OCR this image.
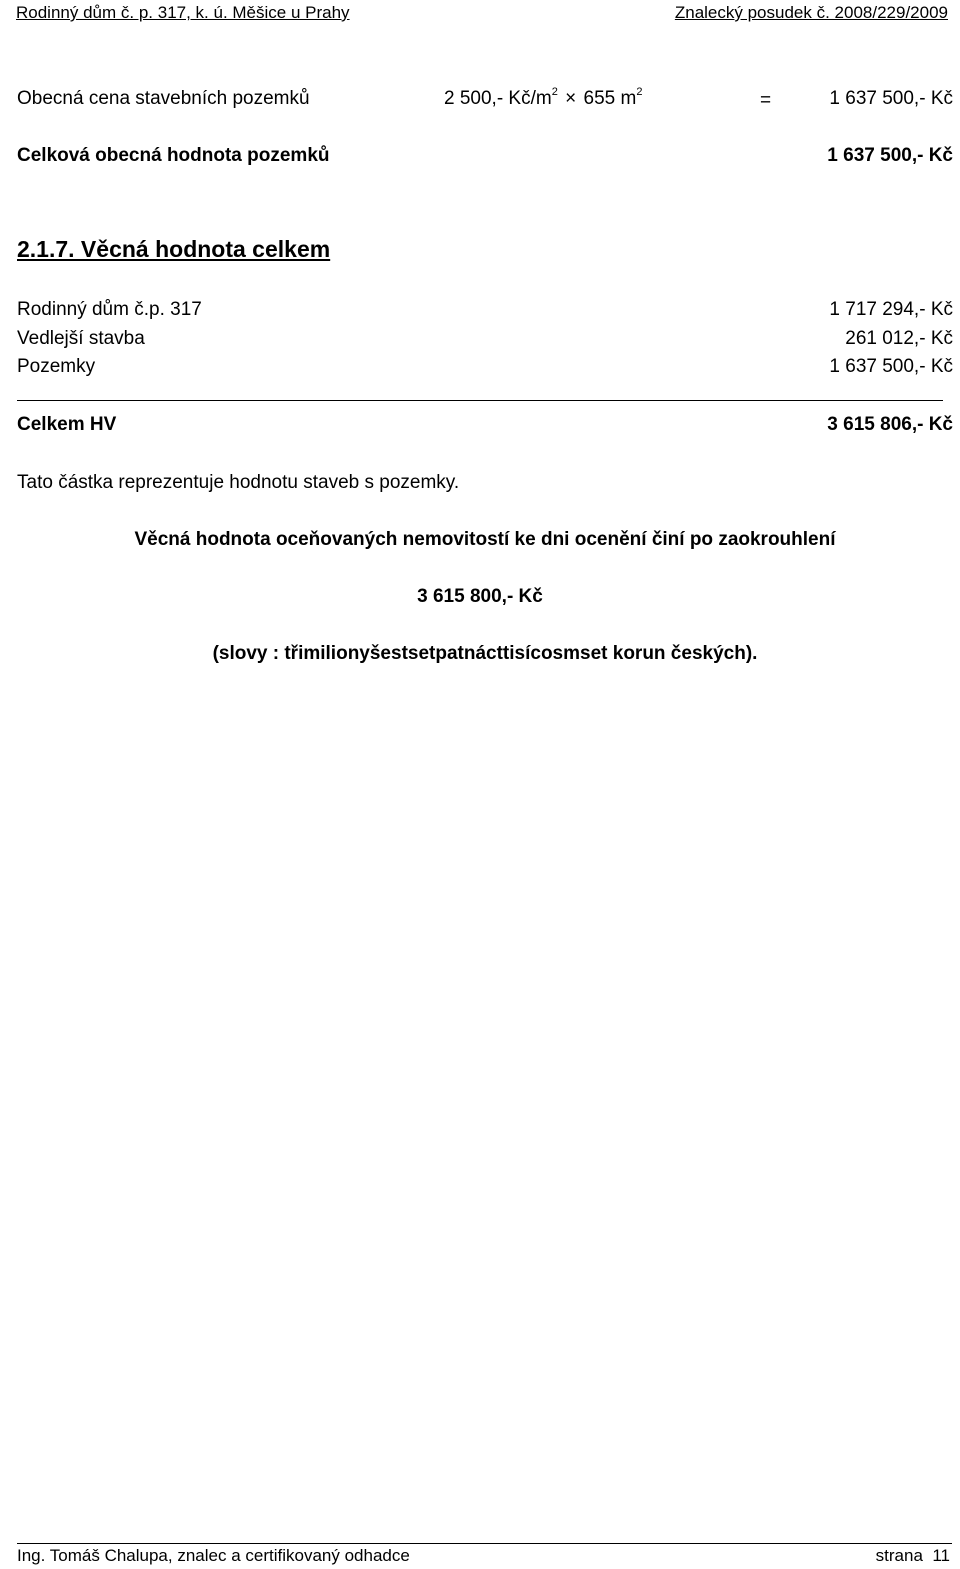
Rodinný dům č. p. 317, k. ú. Měšice u Prahy	Znalecký posudek č. 2008/229/2009
Obecná cena stavebních pozemků	2 500,- $Kč/m^2 \times 655$ $m^2$	=	1 637 500,- Kč
Celková obecná hodnota pozemků	1 637 500,- Kč
2.1.7. Věcná hodnota celkem
Rodinný dům č.p. 317	1 717 294,- Kč
Vedlejší stavba	261 012,- Kč
Pozemky	1 637 500,- Kč
Celkem HV	3 615 806,- Kč
Tato částka reprezentuje hodnotu staveb s pozemky.
Věcná hodnota oceňovaných nemovitostí ke dni ocenění činí po zaokrouhlení
3 615 800,- Kč
(slovy : třimilionyšestsetpatnácttisícosmset korun českých).
Ing. Tomáš Chalupa, znalec a certifikovaný odhadce	strana  11
